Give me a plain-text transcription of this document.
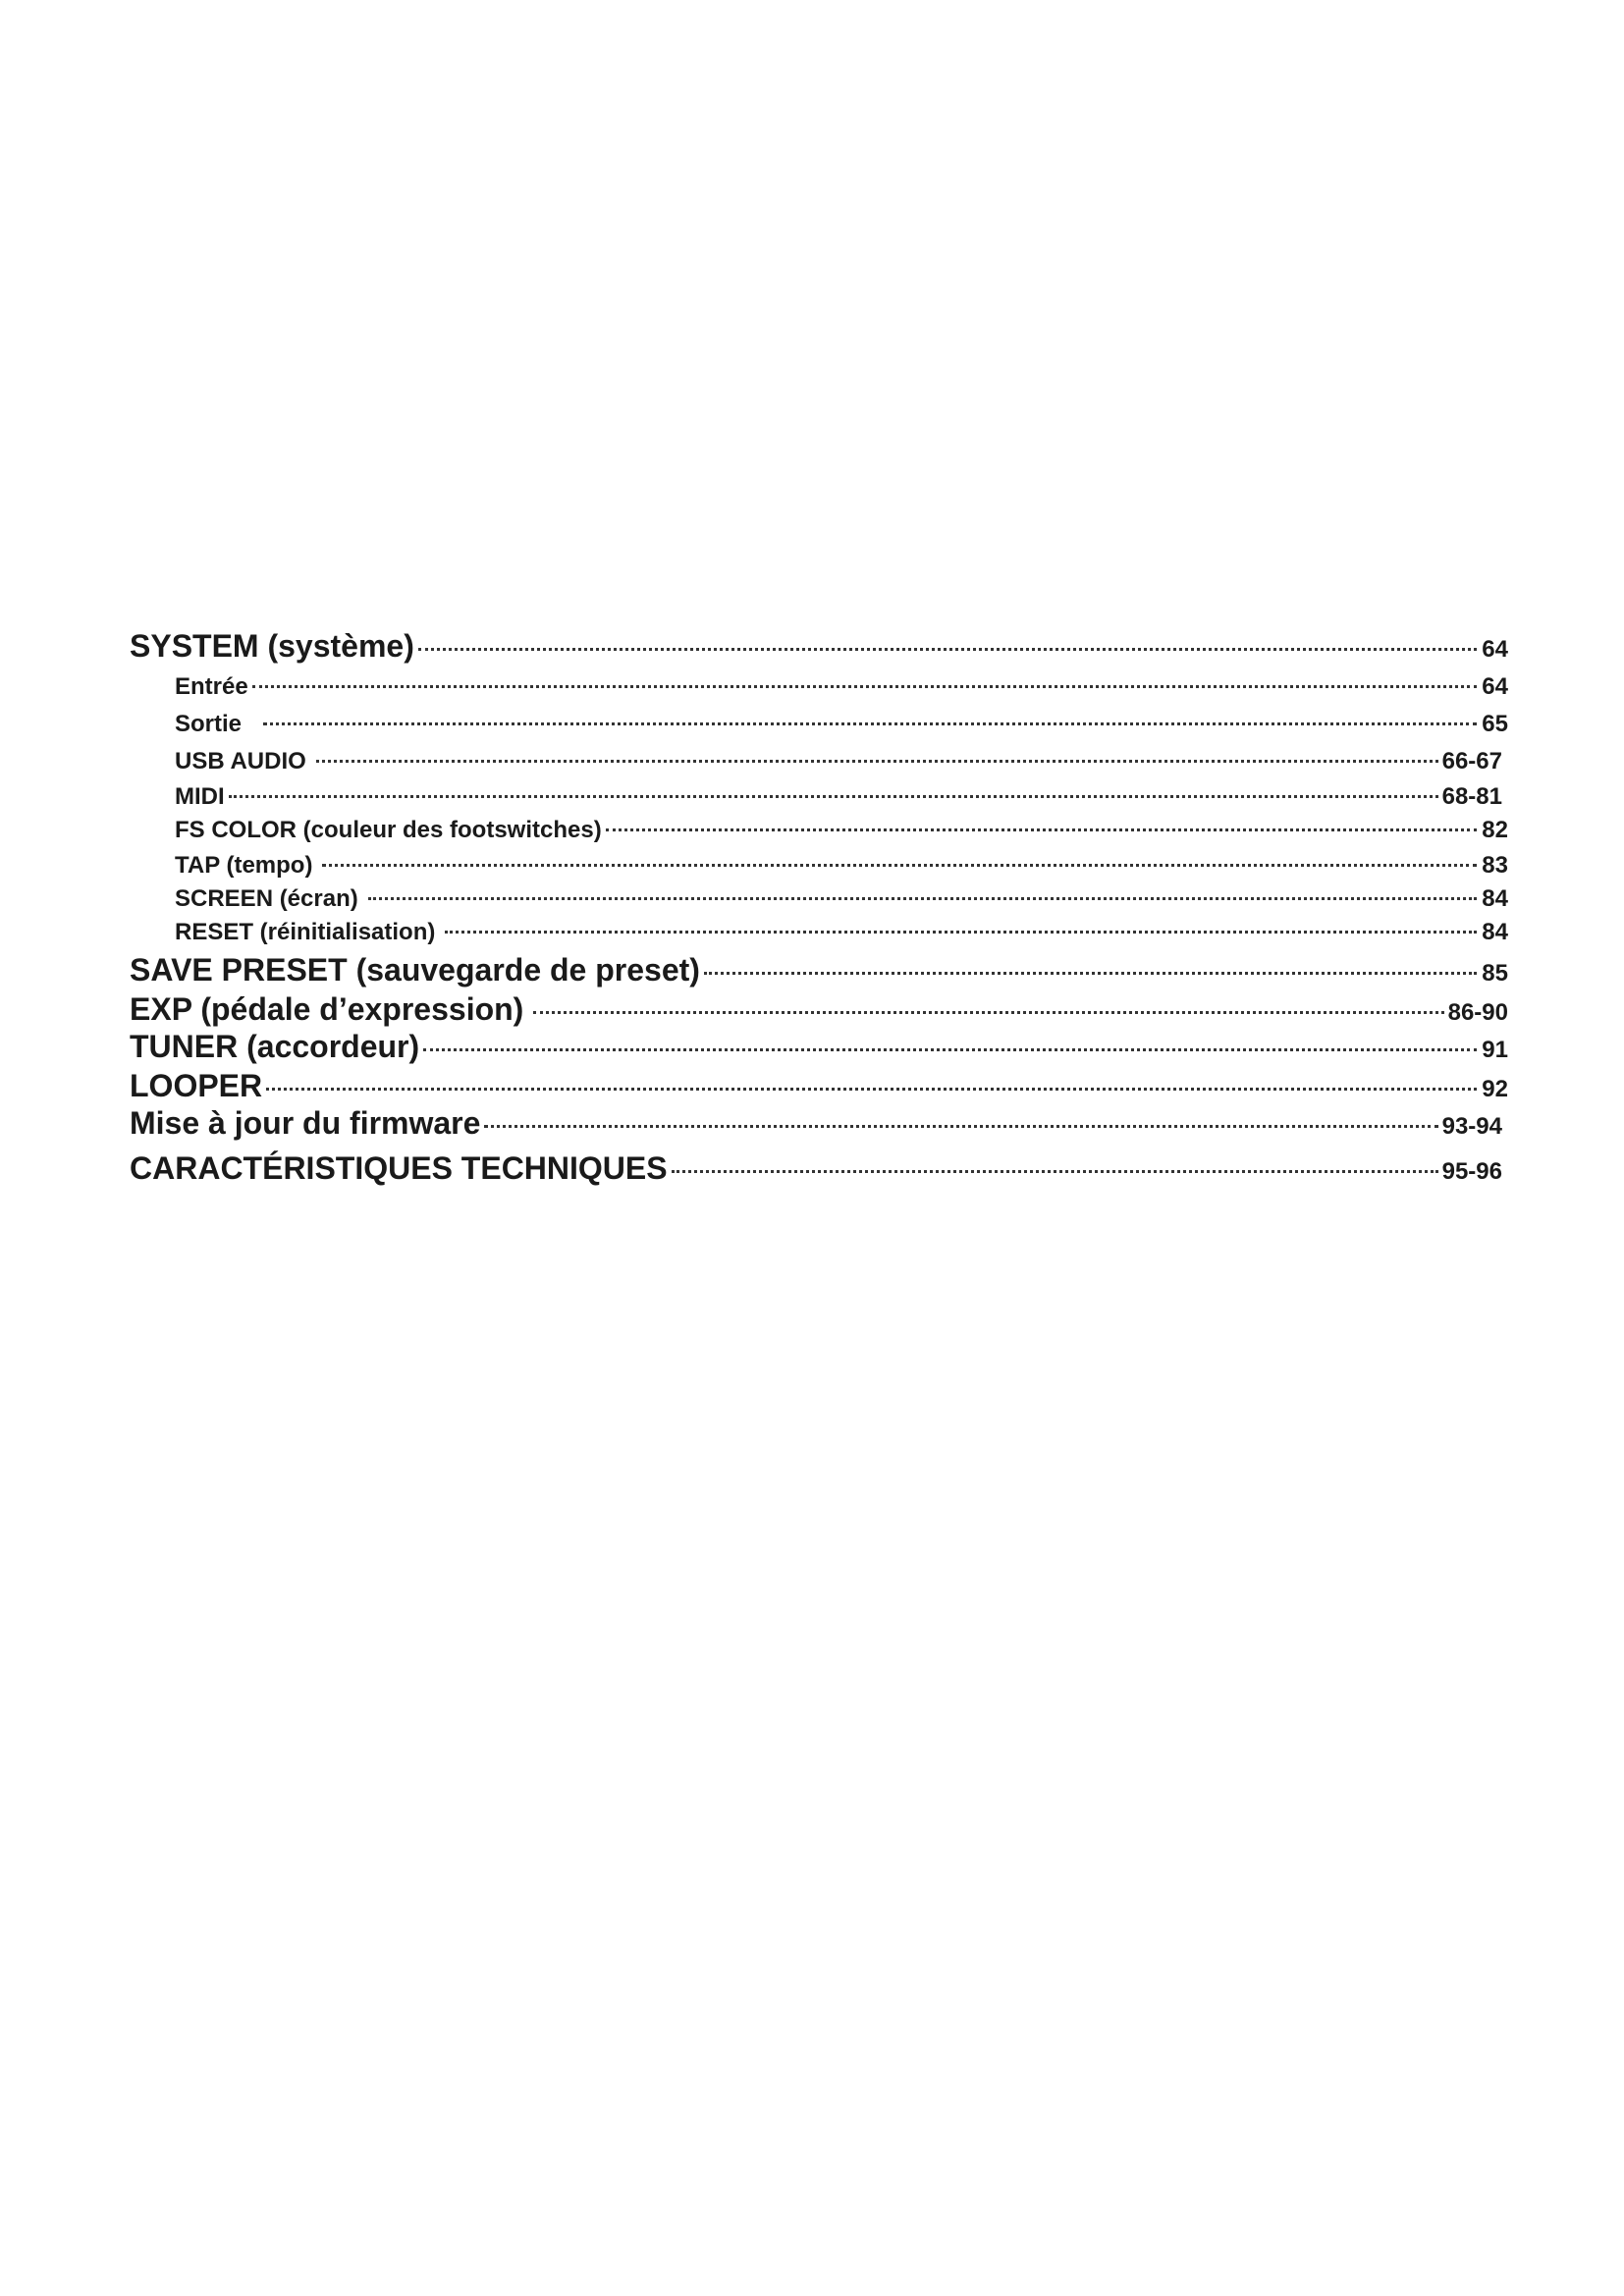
SYSTEM (système)	64
Entrée	64
Sortie	65
USB AUDIO	66-67
MIDI	68-81
FS COLOR (couleur des footswitches)	82
TAP (tempo)	83
SCREEN (écran)	84
RESET (réinitialisation)	84
SAVE PRESET (sauvegarde de preset)	85
EXP (pédale d’expression)	86-90
TUNER (accordeur)	91
LOOPER	92
Mise à jour du firmware	93-94
CARACTÉRISTIQUES TECHNIQUES	95-96
